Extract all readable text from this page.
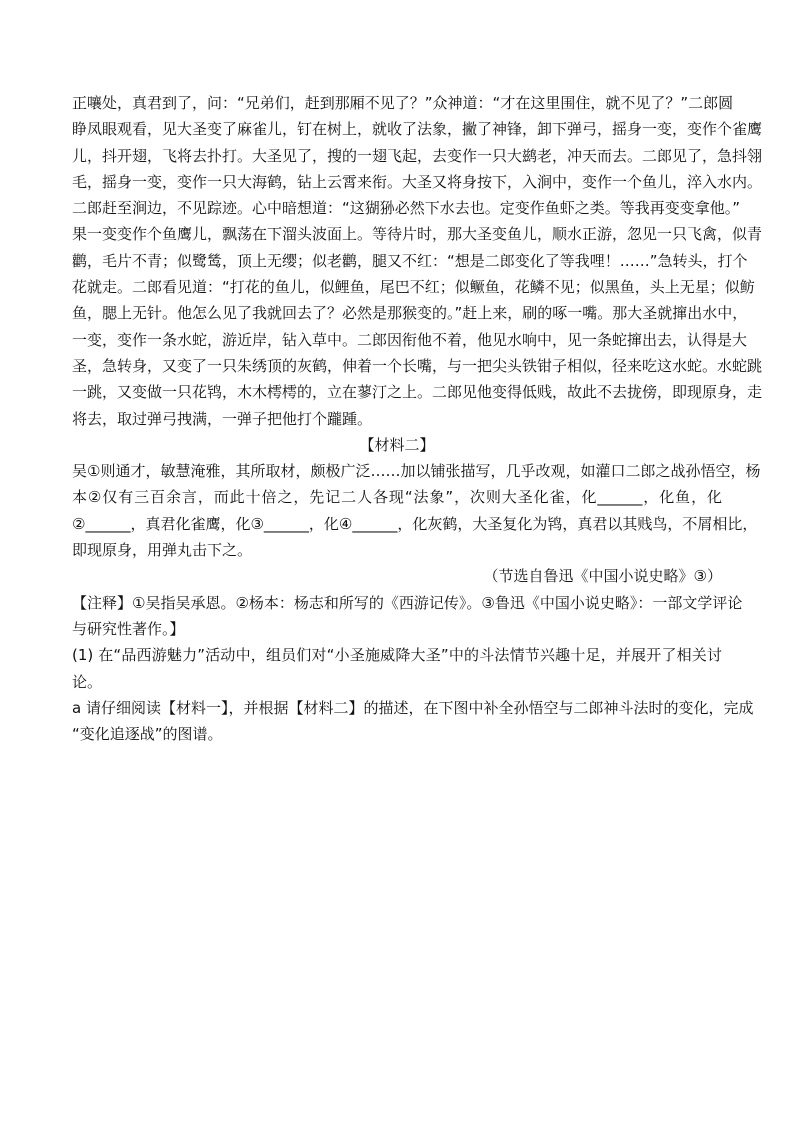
正嚷处，真君到了，问：“兄弟们，赶到那厢不见了？”众神道：“才在这里围住，就不见了？”二郎圆
睁凤眼观看，见大圣变了麻雀儿，钉在树上，就收了法象，撇了神锋，卸下弹弓，摇身一变，变作个雀鹰
儿，抖开翅，飞将去扑打。大圣见了，搜的一翅飞起，去变作一只大鹚老，冲天而去。二郎见了，急抖翎
毛，摇身一变，变作一只大海鹤，钻上云霄来衔。大圣又将身按下，入涧中，变作一个鱼儿，淬入水内。
二郎赶至涧边，不见踪迹。心中暗想道：“这猢狲必然下水去也。定变作鱼虾之类。等我再变变拿他。”
果一变变作个鱼鹰儿，飘荡在下溜头波面上。等待片时，那大圣变鱼儿，顺水正游，忽见一只飞禽，似青
鹳，毛片不青；似鹭鸶，顶上无缨；似老鹳，腿又不红：“想是二郎变化了等我哩！……”急转头，打个
花就走。二郎看见道：“打花的鱼儿，似鲤鱼，尾巴不红；似鳜鱼，花鳞不见；似黑鱼，头上无星；似鲂
鱼，腮上无针。他怎么见了我就回去了？必然是那猴变的。”赶上来，刷的啄一嘴。那大圣就撺出水中，
一变，变作一条水蛇，游近岸，钻入草中。二郎因衔他不着，他见水响中，见一条蛇撺出去，认得是大
圣，急转身，又变了一只朱绣顶的灰鹤，伸着一个长嘴，与一把尖头铁钳子相似，径来吃这水蛇。水蛇跳
一跳，又变做一只花鸨，木木樗樗的，立在蓼汀之上。二郎见他变得低贱，故此不去拢傍，即现原身，走
将去，取过弹弓拽满，一弹子把他打个躘踵。
【材料二】
吴①则通才，敏慧淹雅，其所取材，颇极广泛……加以铺张描写，几乎改观，如灌口二郎之战孙悟空，杨
本②仅有三百余言，而此十倍之，先记二人各现“法象”，次则大圣化雀，化______，化鱼，化
②______，真君化雀鹰，化③______，化④______，化灰鹤，大圣复化为鸨，真君以其贱鸟，不屑相比，
即现原身，用弹丸击下之。
（节选自鲁迅《中国小说史略》③）
【注释】①吴指吴承恩。②杨本：杨志和所写的《西游记传》。③鲁迅《中国小说史略》：一部文学评论
与研究性著作。】
(1) 在“品西游魅力”活动中，组员们对“小圣施威降大圣”中的斗法情节兴趣十足，并展开了相关讨
论。
a 请仔细阅读【材料一】，并根据【材料二】的描述，在下图中补全孙悟空与二郎神斗法时的变化，完成
“变化追逐战”的图谱。
